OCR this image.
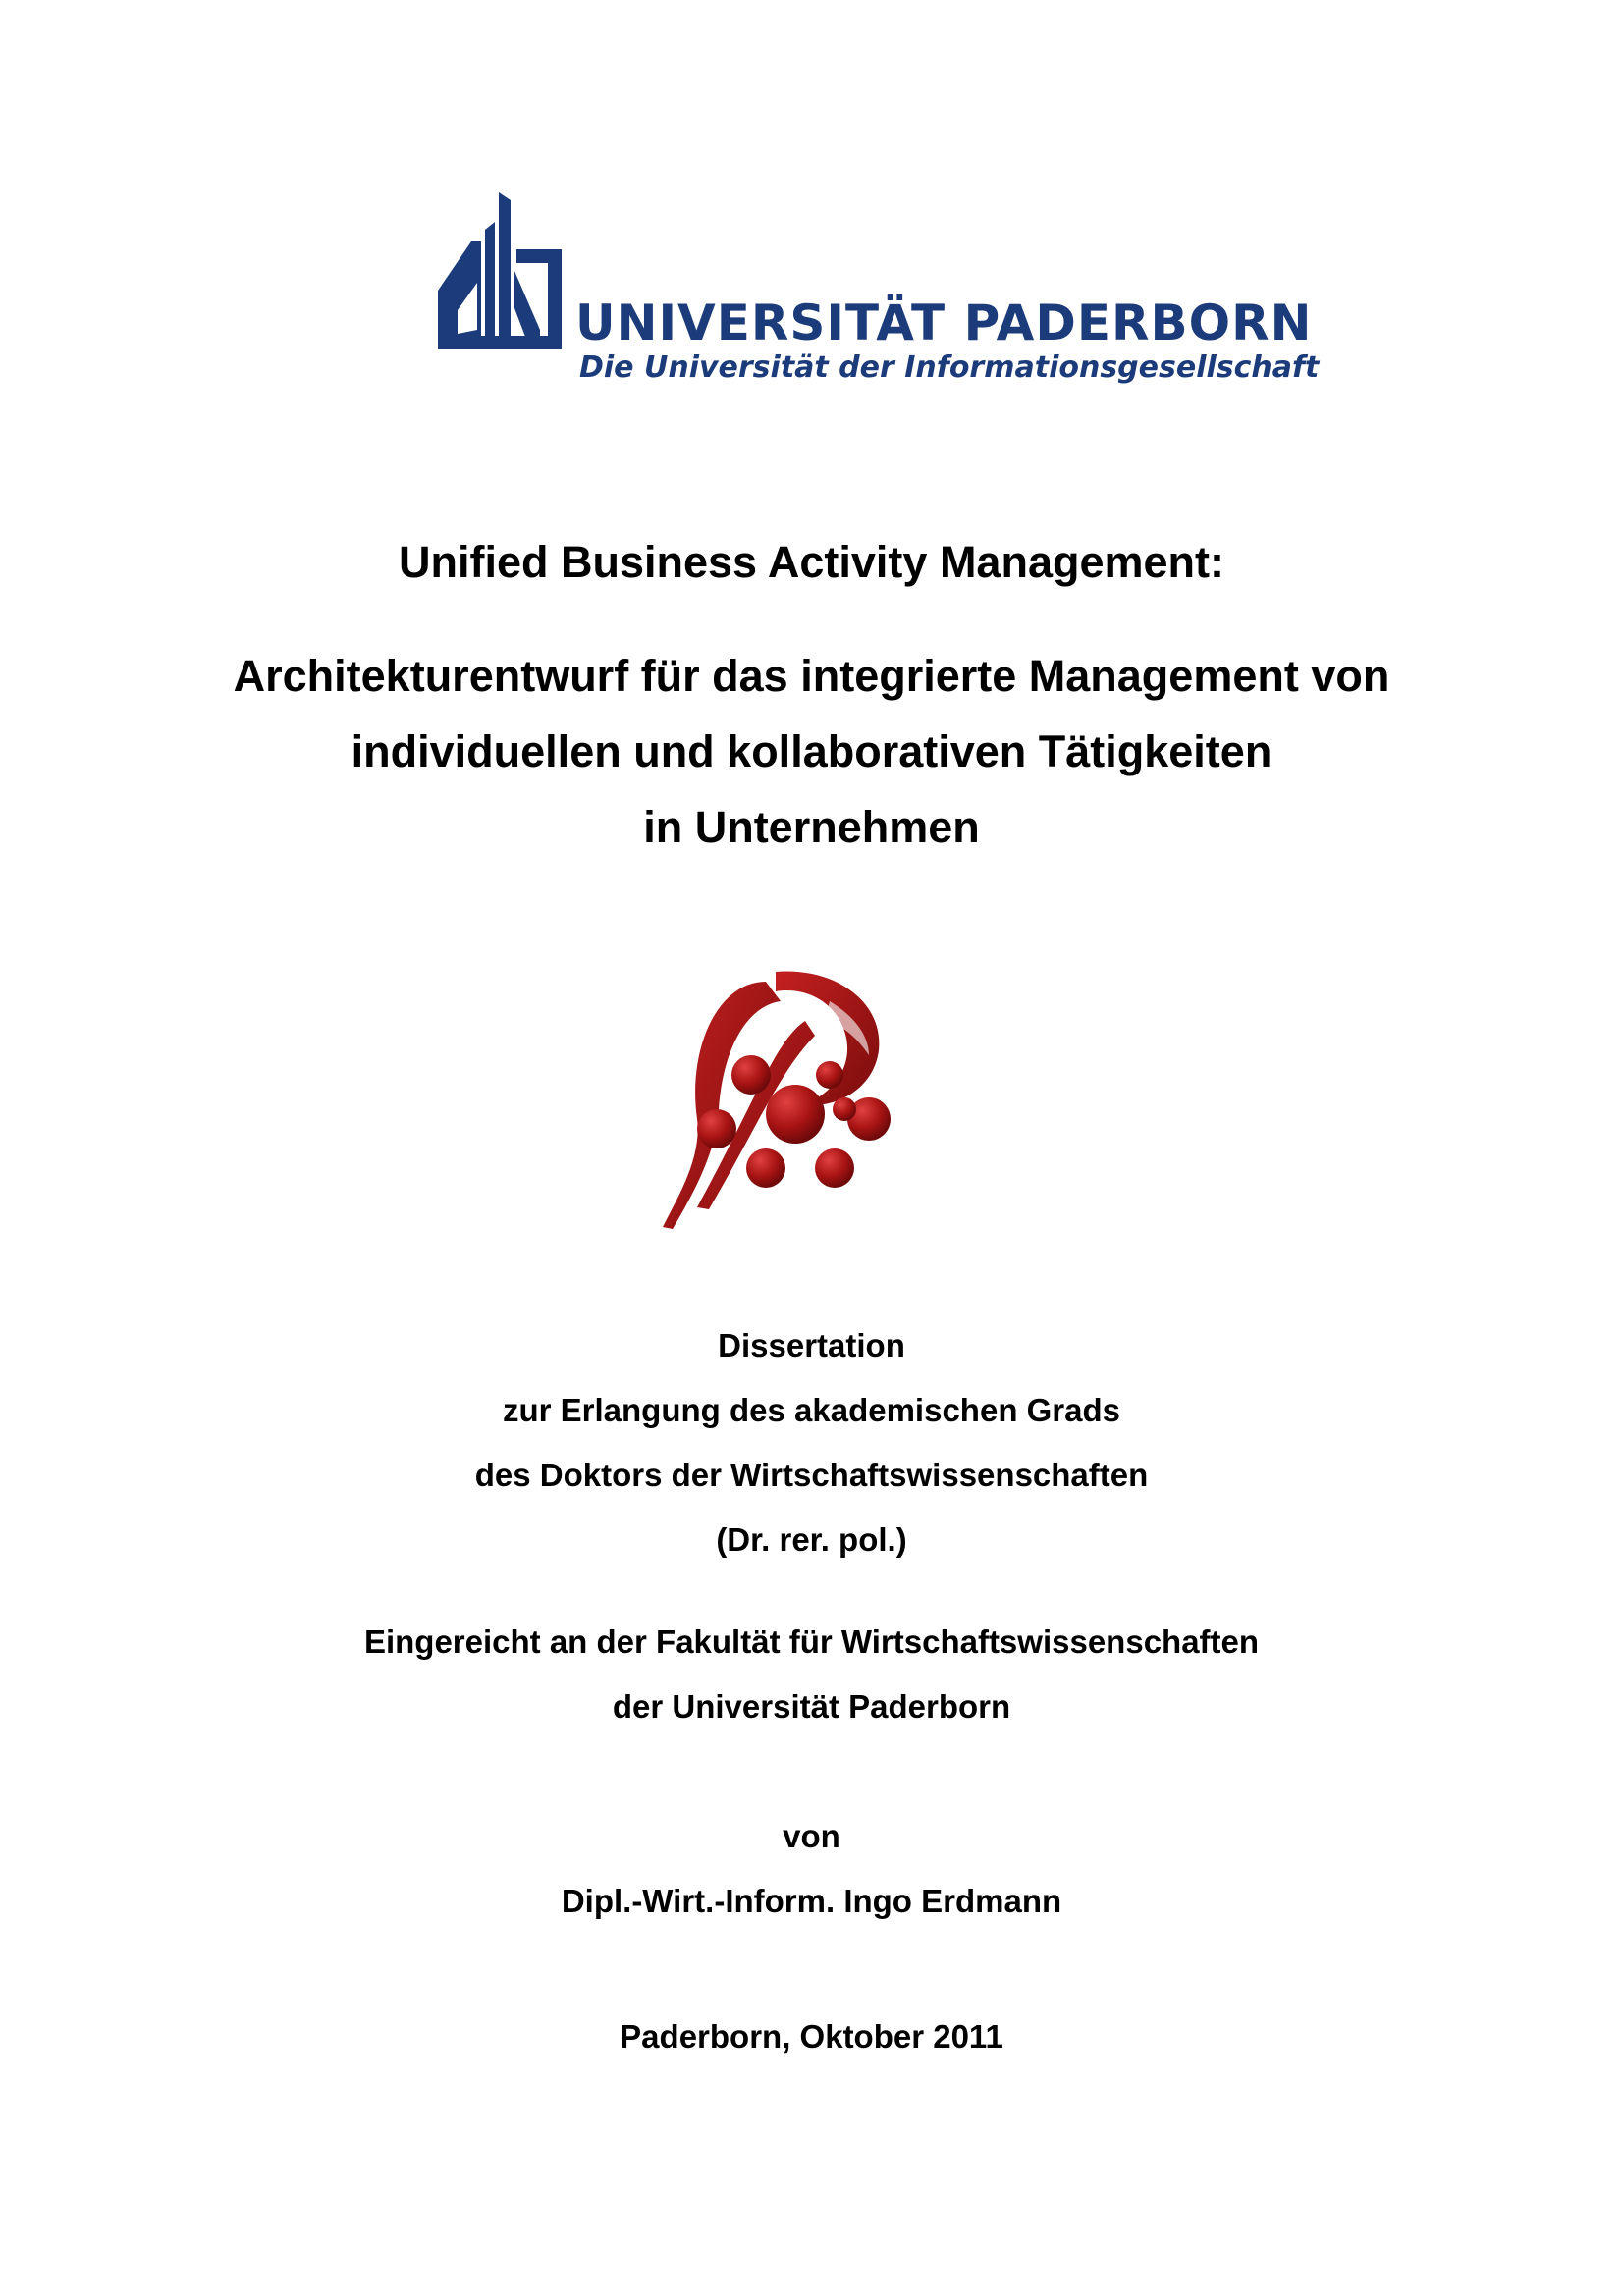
UNIVERSITÄT PADERBORN
Die Universität der Informationsgesellschaft
Unified Business Activity Management:
Architekturentwurf für das integrierte Management von
individuellen und kollaborativen Tätigkeiten
in Unternehmen
Dissertation
zur Erlangung des akademischen Grads
des Doktors der Wirtschaftswissenschaften
(Dr. rer. pol.)
Eingereicht an der Fakultät für Wirtschaftswissenschaften
der Universität Paderborn
von
Dipl.-Wirt.-Inform. Ingo Erdmann
Paderborn, Oktober 2011
